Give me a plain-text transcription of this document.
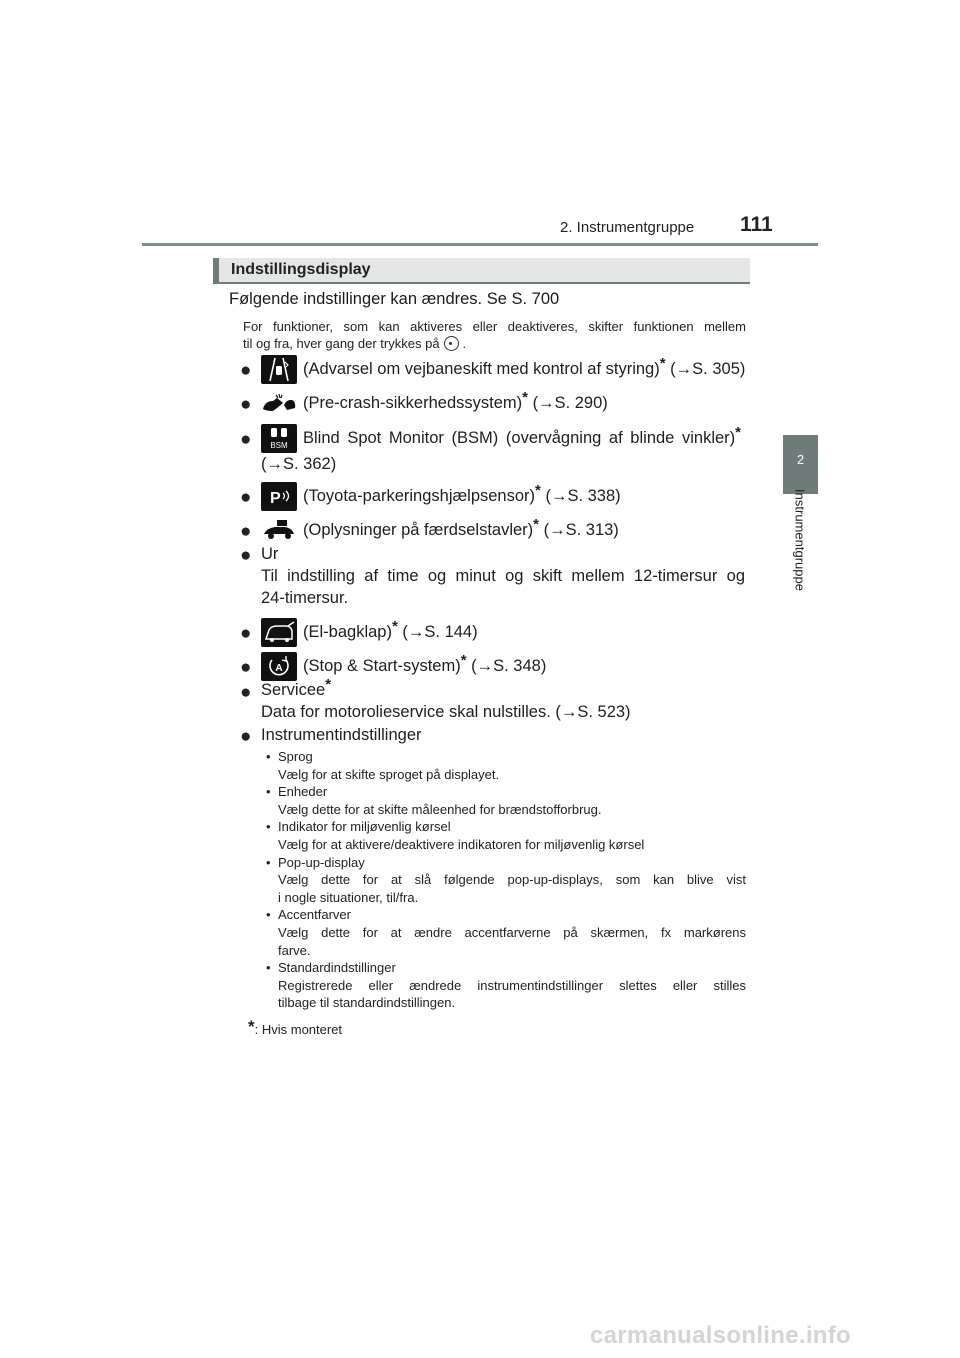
2. Instrumentgruppe 111
2
Instrumentgruppe
Indstillingsdisplay
Følgende indstillinger kan ændres. Se S. 700
For funktioner, som kan aktiveres eller deaktiveres, skifter funktionen mellem
til og fra, hver gang der trykkes på .
●	(Advarsel om vejbaneskift med kontrol af styring)* (→S. 305)
●	(Pre-crash-sikkerhedssystem)* (→S. 290)
● BSM Blind Spot Monitor (BSM) (overvågning af blinde vinkler)*
(→S. 362)
● P (Toyota-parkeringshjælpsensor)* (→S. 338)
●	(Oplysninger på færdselstavler)* (→S. 313)
● Ur
Til indstilling af time og minut og skift mellem 12-timersur og
24-timersur.
●	(El-bagklap)* (→S. 144)
● A (Stop & Start-system)* (→S. 348)
● Servicee*
Data for motorolieservice skal nulstilles. (→S. 523)
● Instrumentindstillinger
• Sprog
Vælg for at skifte sproget på displayet.
• Enheder
Vælg dette for at skifte måleenhed for brændstofforbrug.
• Indikator for miljøvenlig kørsel
Vælg for at aktivere/deaktivere indikatoren for miljøvenlig kørsel
• Pop-up-display
Vælg dette for at slå følgende pop-up-displays, som kan blive vist
i nogle situationer, til/fra.
• Accentfarver
Vælg dette for at ændre accentfarverne på skærmen, fx markørens
farve.
• Standardindstillinger
Registrerede eller ændrede instrumentindstillinger slettes eller stilles
tilbage til standardindstillingen.
*: Hvis monteret
carmanualsonline.info
